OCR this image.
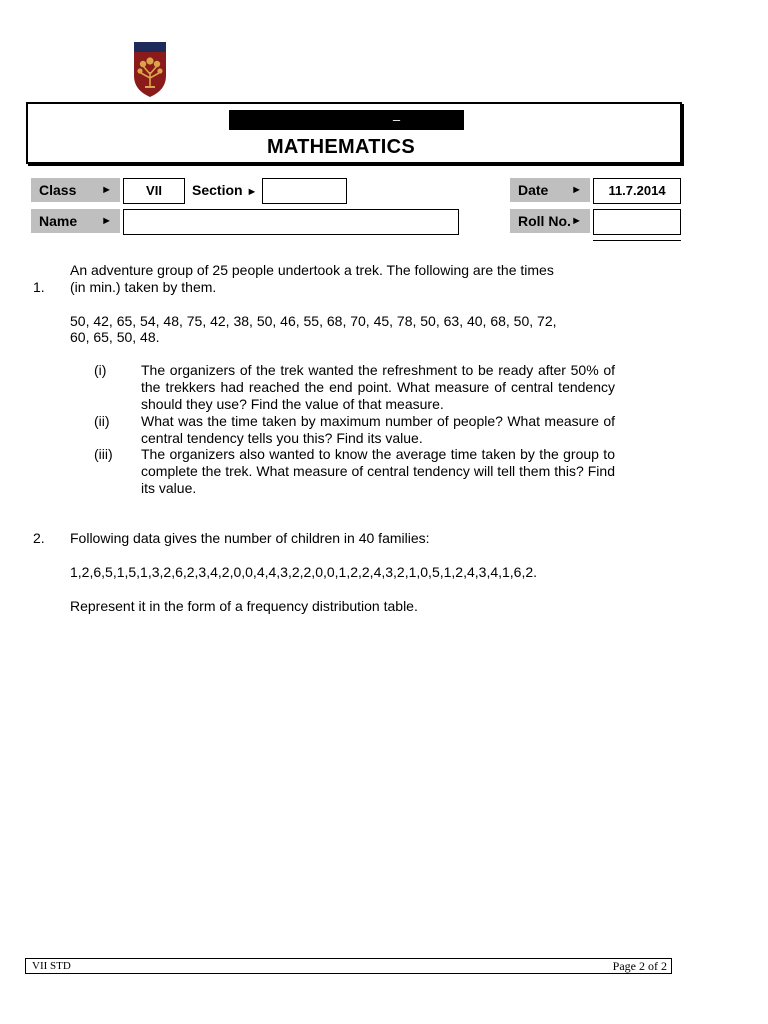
–
MATHEMATICS
Class ►	VII	Section ►	Date ►	11.7.2014
Name ►	Roll No. ►
An adventure group of 25 people undertook a trek. The following are the times
1. (in min.) taken by them.
50, 42, 65, 54, 48, 75, 42, 38, 50, 46, 55, 68, 70, 45, 78, 50, 63, 40, 68, 50, 72,
60, 65, 50, 48.
(i) The organizers of the trek wanted the refreshment to be ready after 50% of the trekkers had reached the end point. What measure of central tendency should they use? Find the value of that measure.
(ii) What was the time taken by maximum number of people? What measure of central tendency tells you this? Find its value.
(iii) The organizers also wanted to know the average time taken by the group to complete the trek. What measure of central tendency will tell them this? Find its value.
2. Following data gives the number of children in 40 families:
1,2,6,5,1,5,1,3,2,6,2,3,4,2,0,0,4,4,3,2,2,0,0,1,2,2,4,3,2,1,0,5,1,2,4,3,4,1,6,2.
Represent it in the form of a frequency distribution table.
VII STD	Page 2 of 2
